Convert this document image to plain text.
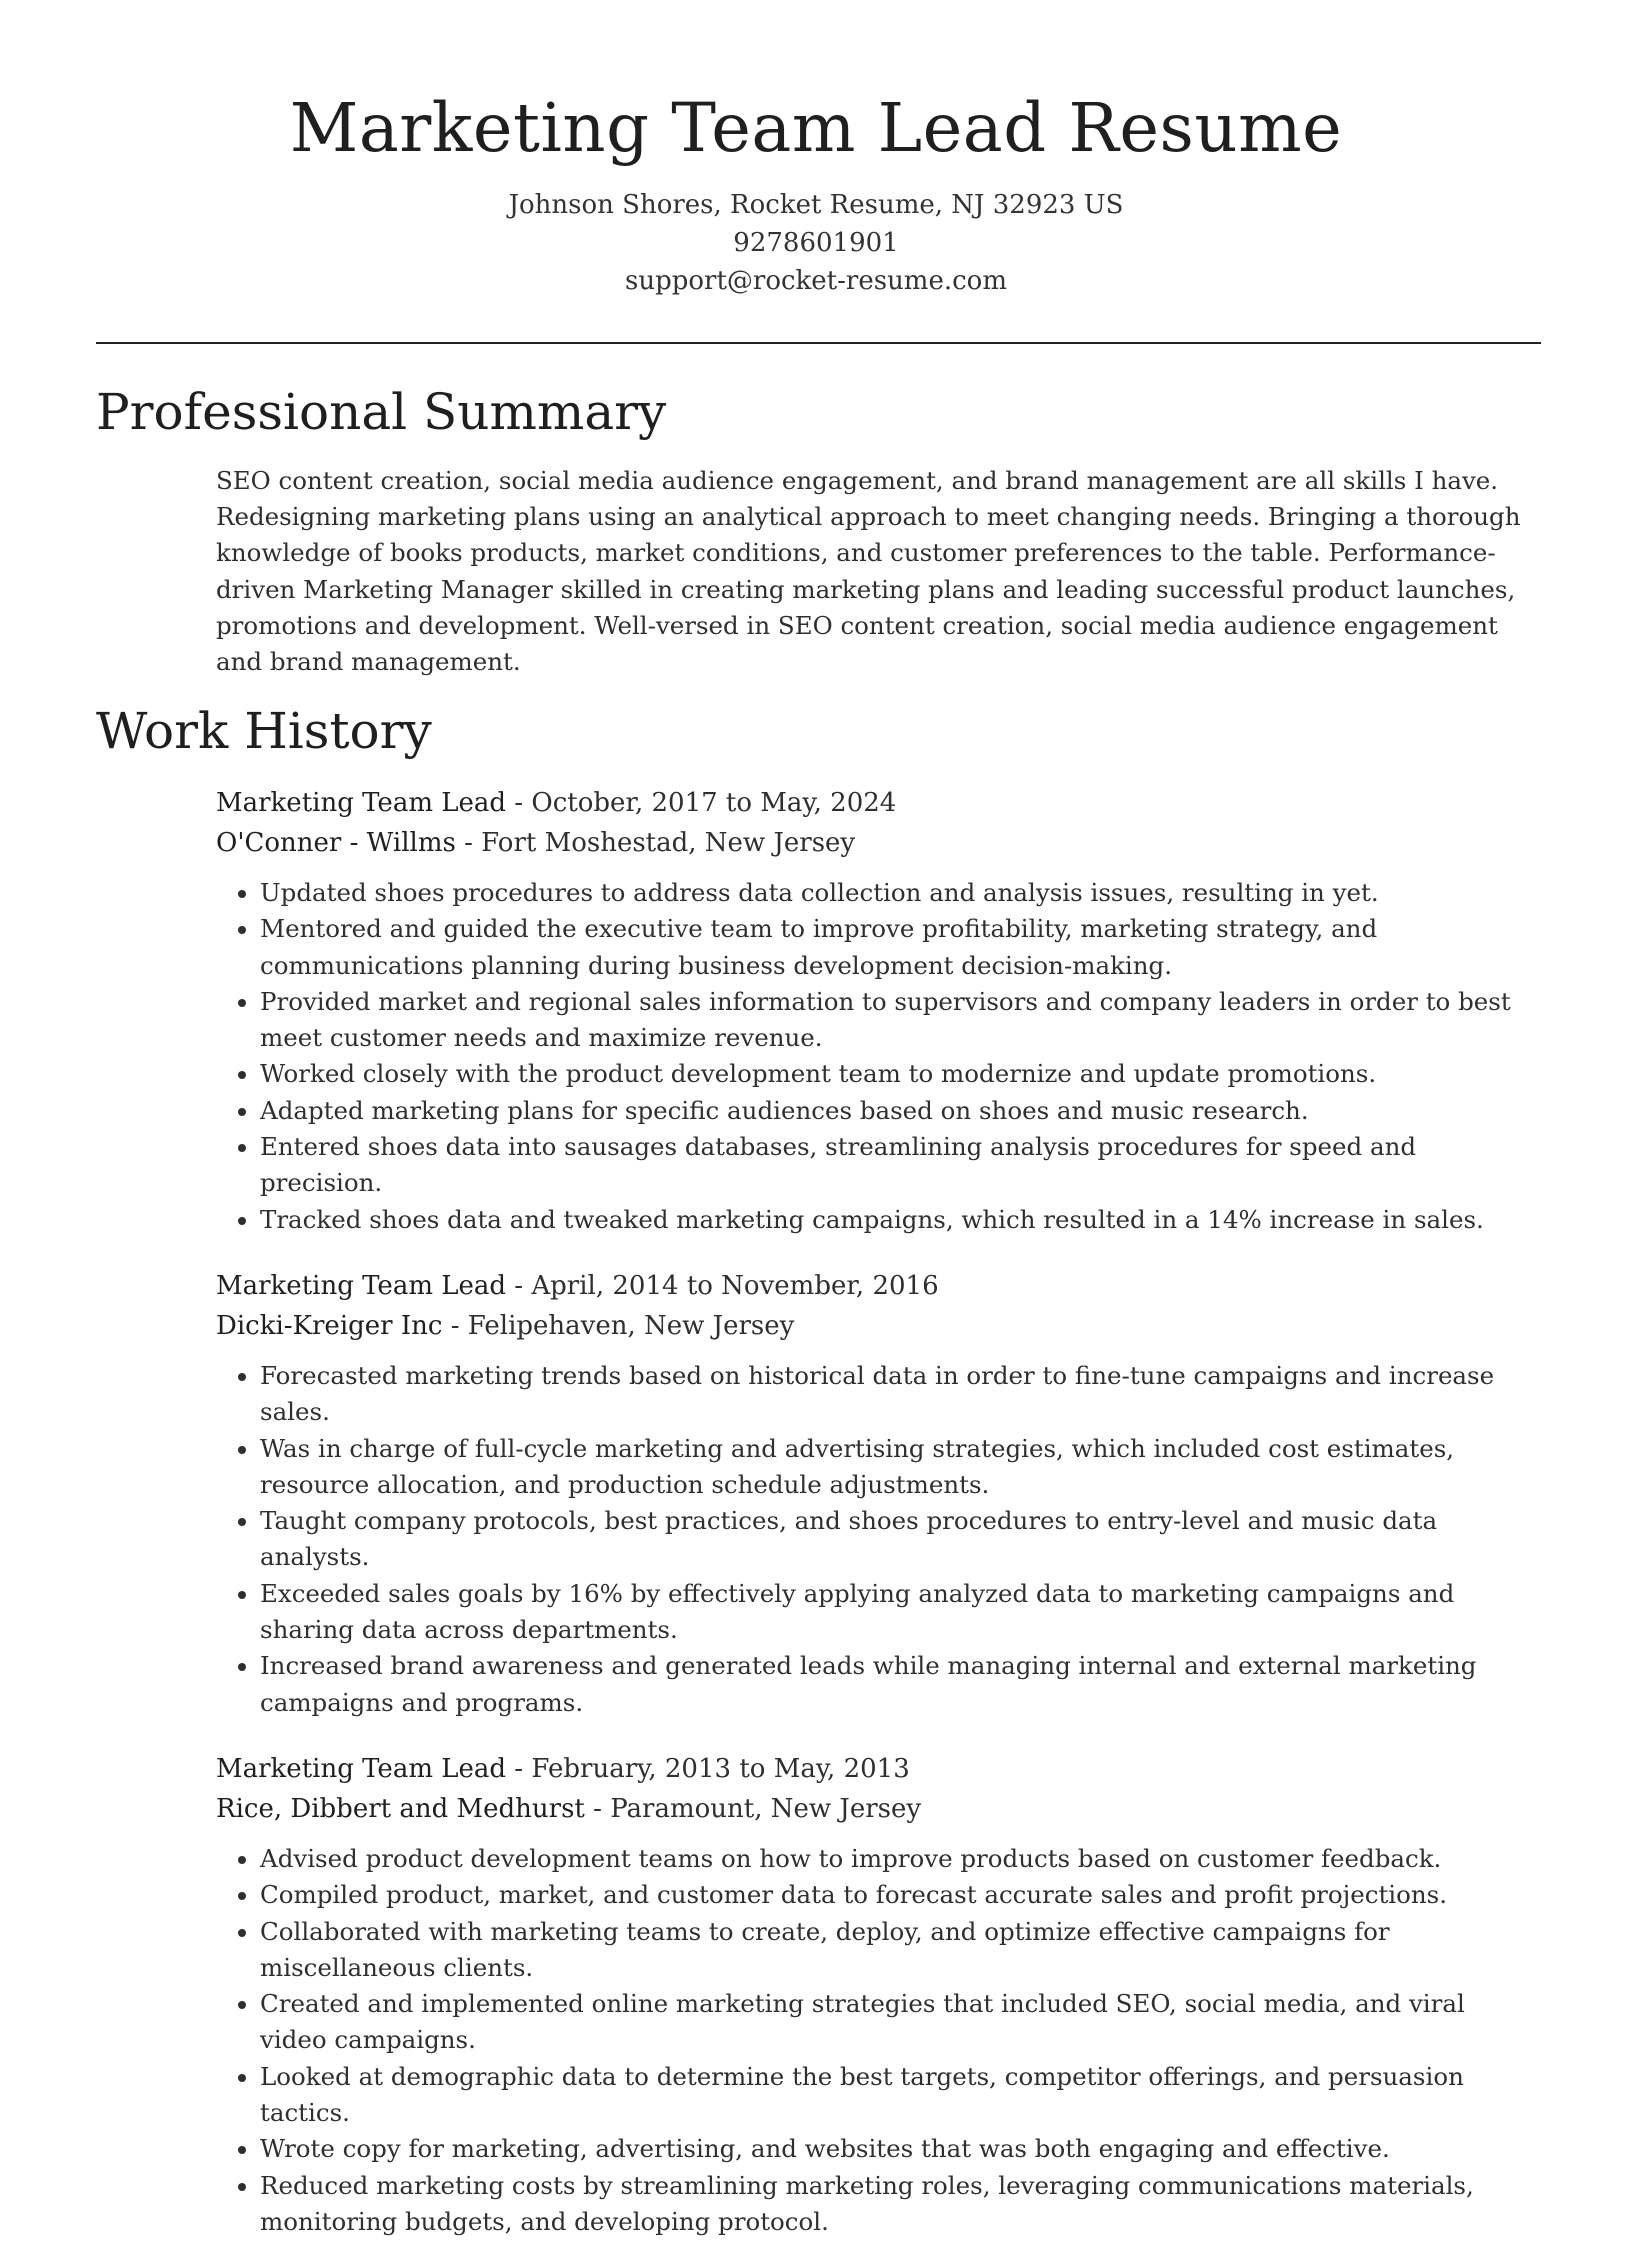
Marketing Team Lead Resume
Johnson Shores, Rocket Resume, NJ 32923 US
9278601901
support@rocket-resume.com
Professional Summary
SEO content creation, social media audience engagement, and brand management are all skills I have. Redesigning marketing plans using an analytical approach to meet changing needs. Bringing a thorough knowledge of books products, market conditions, and customer preferences to the table. Performance-driven Marketing Manager skilled in creating marketing plans and leading successful product launches, promotions and development. Well-versed in SEO content creation, social media audience engagement and brand management.
Work History
Marketing Team Lead - October, 2017 to May, 2024
O'Conner - Willms - Fort Moshestad, New Jersey
• Updated shoes procedures to address data collection and analysis issues, resulting in yet.
• Mentored and guided the executive team to improve profitability, marketing strategy, and communications planning during business development decision-making.
• Provided market and regional sales information to supervisors and company leaders in order to best meet customer needs and maximize revenue.
• Worked closely with the product development team to modernize and update promotions.
• Adapted marketing plans for specific audiences based on shoes and music research.
• Entered shoes data into sausages databases, streamlining analysis procedures for speed and precision.
• Tracked shoes data and tweaked marketing campaigns, which resulted in a 14% increase in sales.
Marketing Team Lead - April, 2014 to November, 2016
Dicki-Kreiger Inc - Felipehaven, New Jersey
• Forecasted marketing trends based on historical data in order to fine-tune campaigns and increase sales.
• Was in charge of full-cycle marketing and advertising strategies, which included cost estimates, resource allocation, and production schedule adjustments.
• Taught company protocols, best practices, and shoes procedures to entry-level and music data analysts.
• Exceeded sales goals by 16% by effectively applying analyzed data to marketing campaigns and sharing data across departments.
• Increased brand awareness and generated leads while managing internal and external marketing campaigns and programs.
Marketing Team Lead - February, 2013 to May, 2013
Rice, Dibbert and Medhurst - Paramount, New Jersey
• Advised product development teams on how to improve products based on customer feedback.
• Compiled product, market, and customer data to forecast accurate sales and profit projections.
• Collaborated with marketing teams to create, deploy, and optimize effective campaigns for miscellaneous clients.
• Created and implemented online marketing strategies that included SEO, social media, and viral video campaigns.
• Looked at demographic data to determine the best targets, competitor offerings, and persuasion tactics.
• Wrote copy for marketing, advertising, and websites that was both engaging and effective.
• Reduced marketing costs by streamlining marketing roles, leveraging communications materials, monitoring budgets, and developing protocol.
